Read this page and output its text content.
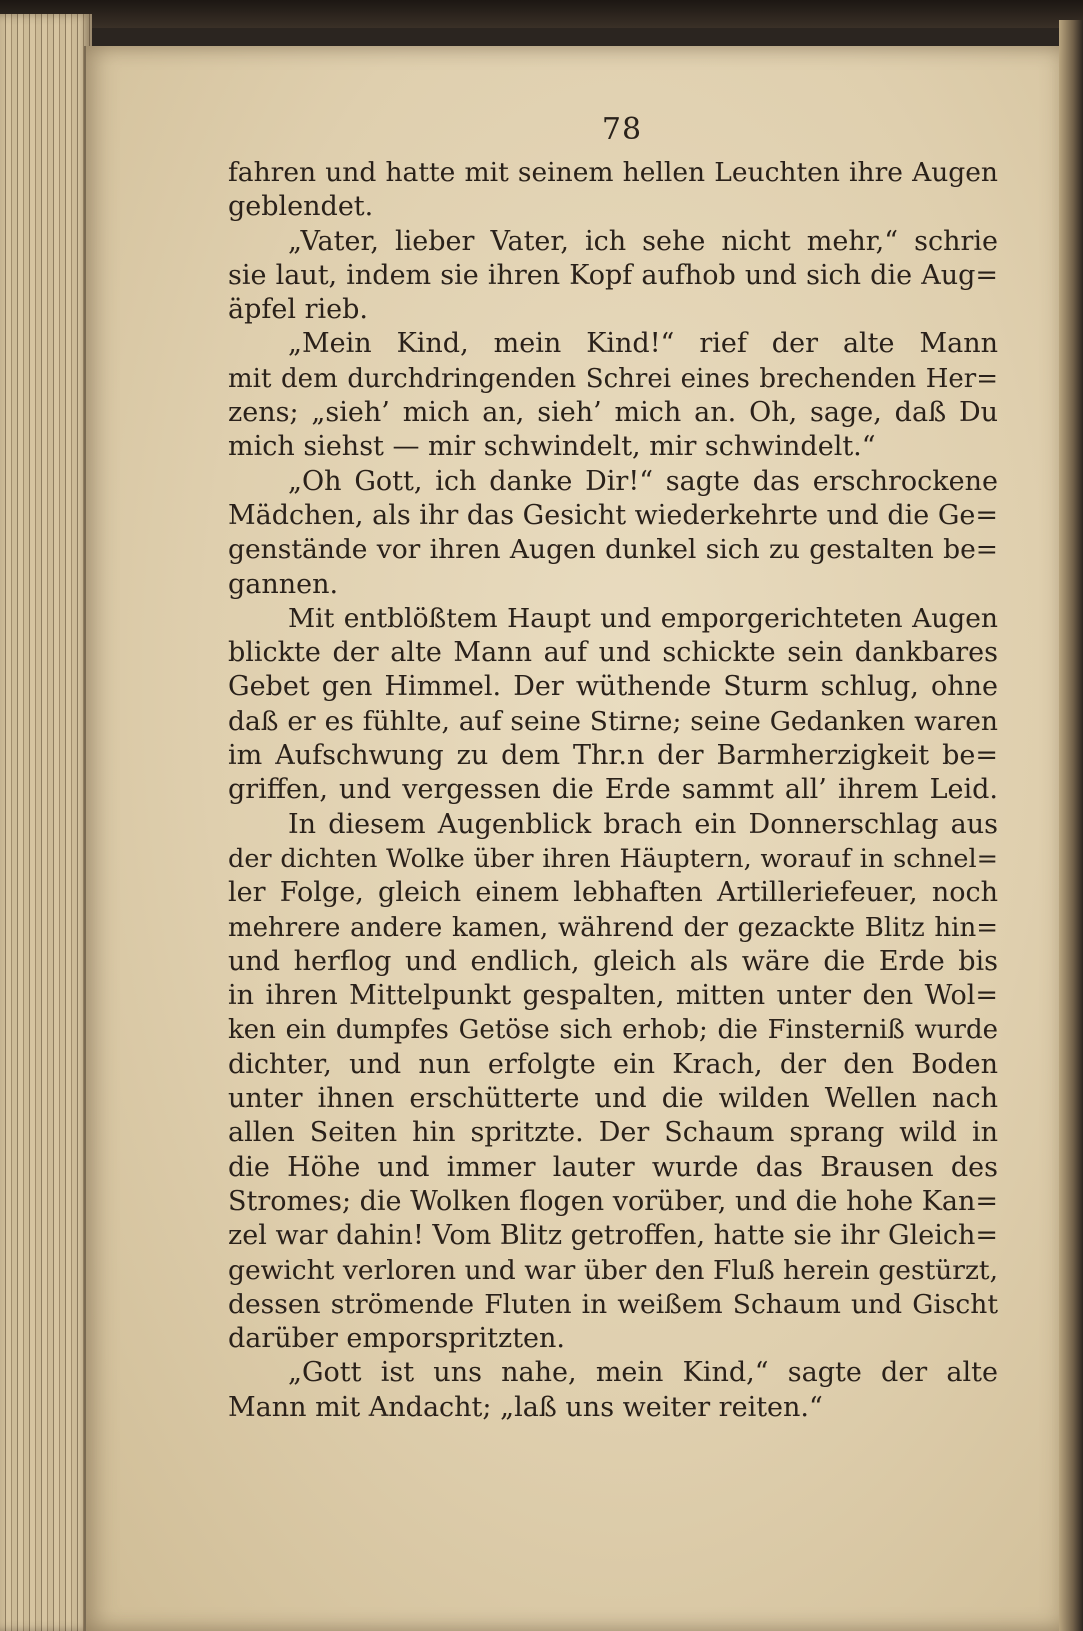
78
fahren und hatte mit seinem hellen Leuchten ihre Augen
geblendet.
„Vater, lieber Vater, ich sehe nicht mehr,“ schrie
sie laut, indem sie ihren Kopf aufhob und sich die Aug=
äpfel rieb.
„Mein Kind, mein Kind!“ rief der alte Mann
mit dem durchdringenden Schrei eines brechenden Her=
zens; „sieh’ mich an, sieh’ mich an. Oh, sage, daß Du
mich siehst — mir schwindelt, mir schwindelt.“
„Oh Gott, ich danke Dir!“ sagte das erschrockene
Mädchen, als ihr das Gesicht wiederkehrte und die Ge=
genstände vor ihren Augen dunkel sich zu gestalten be=
gannen.
Mit entblößtem Haupt und emporgerichteten Augen
blickte der alte Mann auf und schickte sein dankbares
Gebet gen Himmel. Der wüthende Sturm schlug, ohne
daß er es fühlte, auf seine Stirne; seine Gedanken waren
im Aufschwung zu dem Thr.n der Barmherzigkeit be=
griffen, und vergessen die Erde sammt all’ ihrem Leid.
In diesem Augenblick brach ein Donnerschlag aus
der dichten Wolke über ihren Häuptern, worauf in schnel=
ler Folge, gleich einem lebhaften Artilleriefeuer, noch
mehrere andere kamen, während der gezackte Blitz hin=
und herflog und endlich, gleich als wäre die Erde bis
in ihren Mittelpunkt gespalten, mitten unter den Wol=
ken ein dumpfes Getöse sich erhob; die Finsterniß wurde
dichter, und nun erfolgte ein Krach, der den Boden
unter ihnen erschütterte und die wilden Wellen nach
allen Seiten hin spritzte. Der Schaum sprang wild in
die Höhe und immer lauter wurde das Brausen des
Stromes; die Wolken flogen vorüber, und die hohe Kan=
zel war dahin! Vom Blitz getroffen, hatte sie ihr Gleich=
gewicht verloren und war über den Fluß herein gestürzt,
dessen strömende Fluten in weißem Schaum und Gischt
darüber emporspritzten.
„Gott ist uns nahe, mein Kind,“ sagte der alte
Mann mit Andacht; „laß uns weiter reiten.“
